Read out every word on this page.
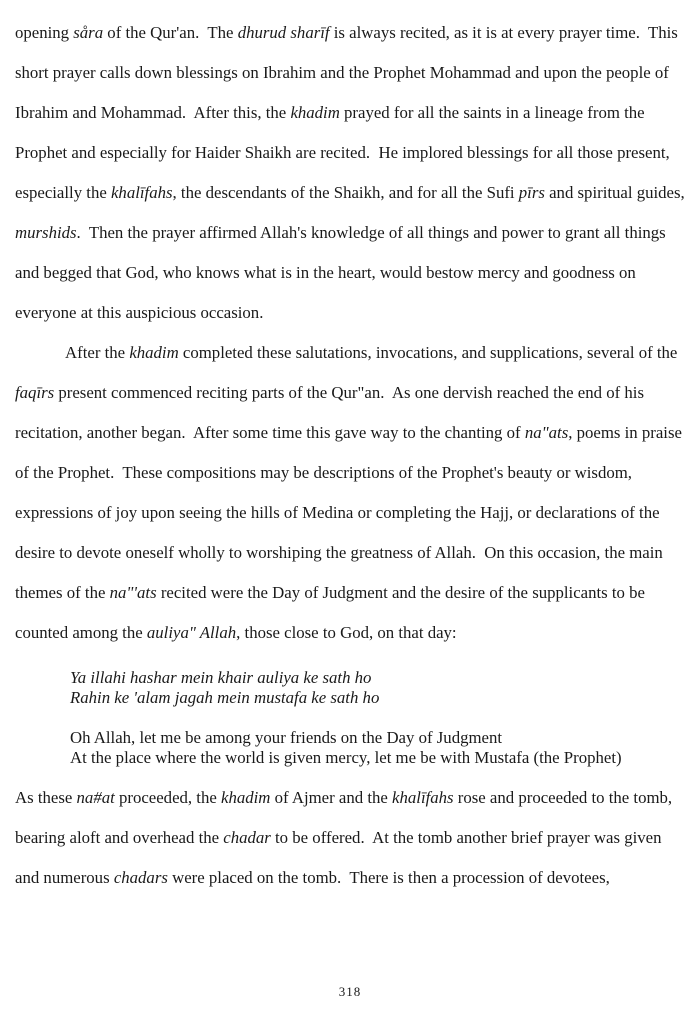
opening såra of the Qur'an.  The dhurud sharīf is always recited, as it is at every prayer time.  This short prayer calls down blessings on Ibrahim and the Prophet Mohammad and upon the people of Ibrahim and Mohammad.  After this, the khadim prayed for all the saints in a lineage from the Prophet and especially for Haider Shaikh are recited.  He implored blessings for all those present, especially the khalīfahs, the descendants of the Shaikh, and for all the Sufi pīrs and spiritual guides, murshids.  Then the prayer affirmed Allah's knowledge of all things and power to grant all things and begged that God, who knows what is in the heart, would bestow mercy and goodness on everyone at this auspicious occasion.

After the khadim completed these salutations, invocations, and supplications, several of the faqīrs present commenced reciting parts of the Qur"an.  As one dervish reached the end of his recitation, another began.  After some time this gave way to the chanting of na"ats, poems in praise of the Prophet.  These compositions may be descriptions of the Prophet's beauty or wisdom, expressions of joy upon seeing the hills of Medina or completing the Hajj, or declarations of the desire to devote oneself wholly to worshiping the greatness of Allah.  On this occasion, the main themes of the na"'ats recited were the Day of Judgment and the desire of the supplicants to be counted among the auliya" Allah, those close to God, on that day:

Ya illahi hashar mein khair auliya ke sath ho
Rahin ke 'alam jagah mein mustafa ke sath ho
Oh Allah, let me be among your friends on the Day of Judgment
At the place where the world is given mercy, let me be with Mustafa (the Prophet)

As these na#at proceeded, the khadim of Ajmer and the khalīfahs rose and proceeded to the tomb, bearing aloft and overhead the chadar to be offered.  At the tomb another brief prayer was given and numerous chadars were placed on the tomb.  There is then a procession of devotees,

318
